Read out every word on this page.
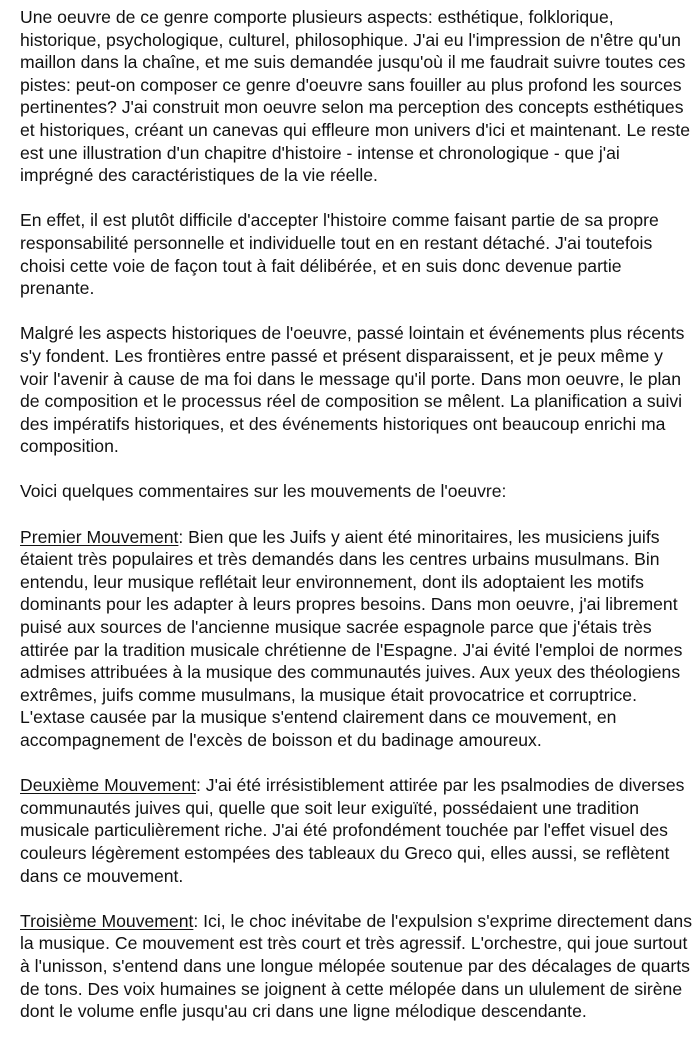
Une oeuvre de ce genre comporte plusieurs aspects: esthétique, folklorique, historique, psychologique, culturel, philosophique. J'ai eu l'impression de n'être qu'un maillon dans la chaîne, et me suis demandée jusqu'où il me faudrait suivre toutes ces pistes: peut-on composer ce genre d'oeuvre sans fouiller au plus profond les sources pertinentes? J'ai construit mon oeuvre selon ma perception des concepts esthétiques et historiques, créant un canevas qui effleure mon univers d'ici et maintenant. Le reste est une illustration d'un chapitre d'histoire - intense et chronologique - que j'ai imprégné des caractéristiques de la vie réelle.

En effet, il est plutôt difficile d'accepter l'histoire comme faisant partie de sa propre responsabilité personnelle et individuelle tout en en restant détaché. J'ai toutefois choisi cette voie de façon tout à fait délibérée, et en suis donc devenue partie prenante.

Malgré les aspects historiques de l'oeuvre, passé lointain et événements plus récents s'y fondent. Les frontières entre passé et présent disparaissent, et je peux même y voir l'avenir à cause de ma foi dans le message qu'il porte. Dans mon oeuvre, le plan de composition et le processus réel de composition se mêlent. La planification a suivi des impératifs historiques, et des événements historiques ont beaucoup enrichi ma composition.

Voici quelques commentaires sur les mouvements de l'oeuvre:

Premier Mouvement: Bien que les Juifs y aient été minoritaires, les musiciens juifs étaient très populaires et très demandés dans les centres urbains musulmans. Bin entendu, leur musique reflétait leur environnement, dont ils adoptaient les motifs dominants pour les adapter à leurs propres besoins. Dans mon oeuvre, j'ai librement puisé aux sources de l'ancienne musique sacrée espagnole parce que j'étais très attirée par la tradition musicale chrétienne de l'Espagne. J'ai évité l'emploi de normes admises attribuées à la musique des communautés juives. Aux yeux des théologiens extrêmes, juifs comme musulmans, la musique était provocatrice et corruptrice. L'extase causée par la musique s'entend clairement dans ce mouvement, en accompagnement de l'excès de boisson et du badinage amoureux.

Deuxième Mouvement: J'ai été irrésistiblement attirée par les psalmodies de diverses communautés juives qui, quelle que soit leur exiguïté, possédaient une tradition musicale particulièrement riche. J'ai été profondément touchée par l'effet visuel des couleurs légèrement estompées des tableaux du Greco qui, elles aussi, se reflètent dans ce mouvement.

Troisième Mouvement: Ici, le choc inévitabe de l'expulsion s'exprime directement dans la musique. Ce mouvement est très court et très agressif. L'orchestre, qui joue surtout à l'unisson, s'entend dans une longue mélopée soutenue par des décalages de quarts de tons. Des voix humaines se joignent à cette mélopée dans un ululement de sirène dont le volume enfle jusqu'au cri dans une ligne mélodique descendante.
